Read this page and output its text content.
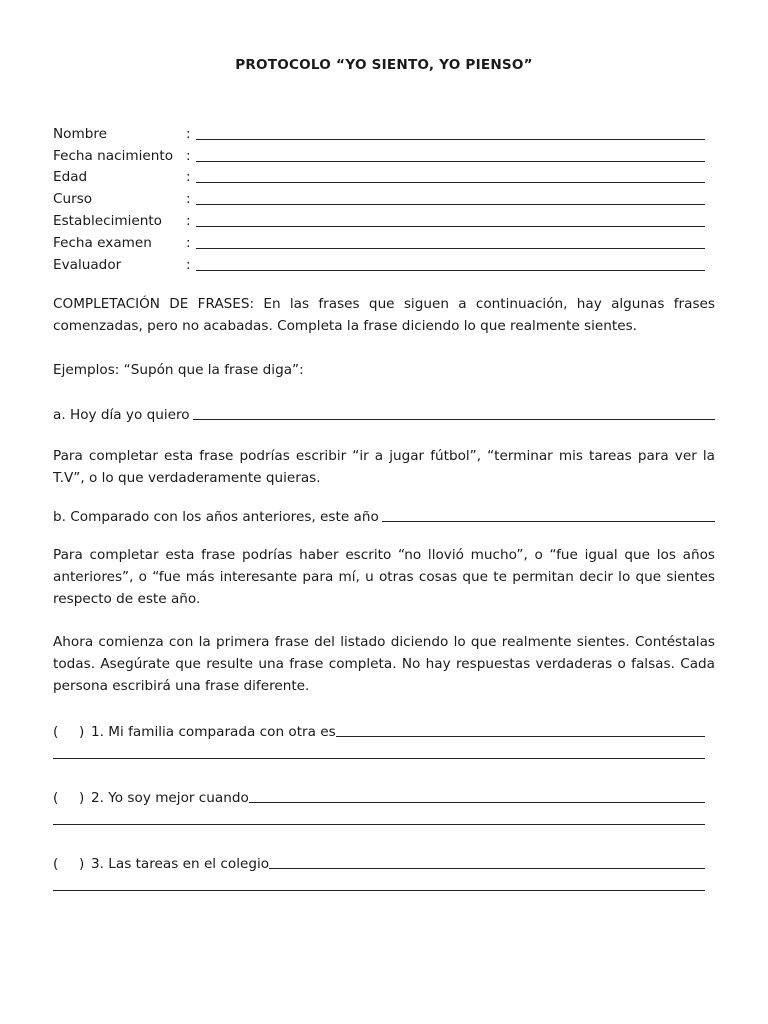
PROTOCOLO “YO SIENTO, YO PIENSO”
Nombre	:
Fecha nacimiento :
Edad	:
Curso	:
Establecimiento	:
Fecha examen	:
Evaluador	:
COMPLETACIÓN DE FRASES: En las frases que siguen a continuación, hay algunas frases comenzadas, pero no acabadas. Completa la frase diciendo lo que realmente sientes.
Ejemplos: “Supón que la frase diga”:
a. Hoy día yo quiero
Para completar esta frase podrías escribir “ir a jugar fútbol”, “terminar mis tareas para ver la T.V”, o lo que verdaderamente quieras.
b. Comparado con los años anteriores, este año
Para completar esta frase podrías haber escrito “no llovió mucho”, o “fue igual que los años anteriores”, o “fue más interesante para mí, u otras cosas que te permitan decir lo que sientes respecto de este año.
Ahora comienza con la primera frase del listado diciendo lo que realmente sientes. Contéstalas todas. Asegúrate que resulte una frase completa. No hay respuestas verdaderas o falsas. Cada persona escribirá una frase diferente.
(	) 1. Mi familia comparada con otra es
(	) 2. Yo soy mejor cuando
(	) 3. Las tareas en el colegio
